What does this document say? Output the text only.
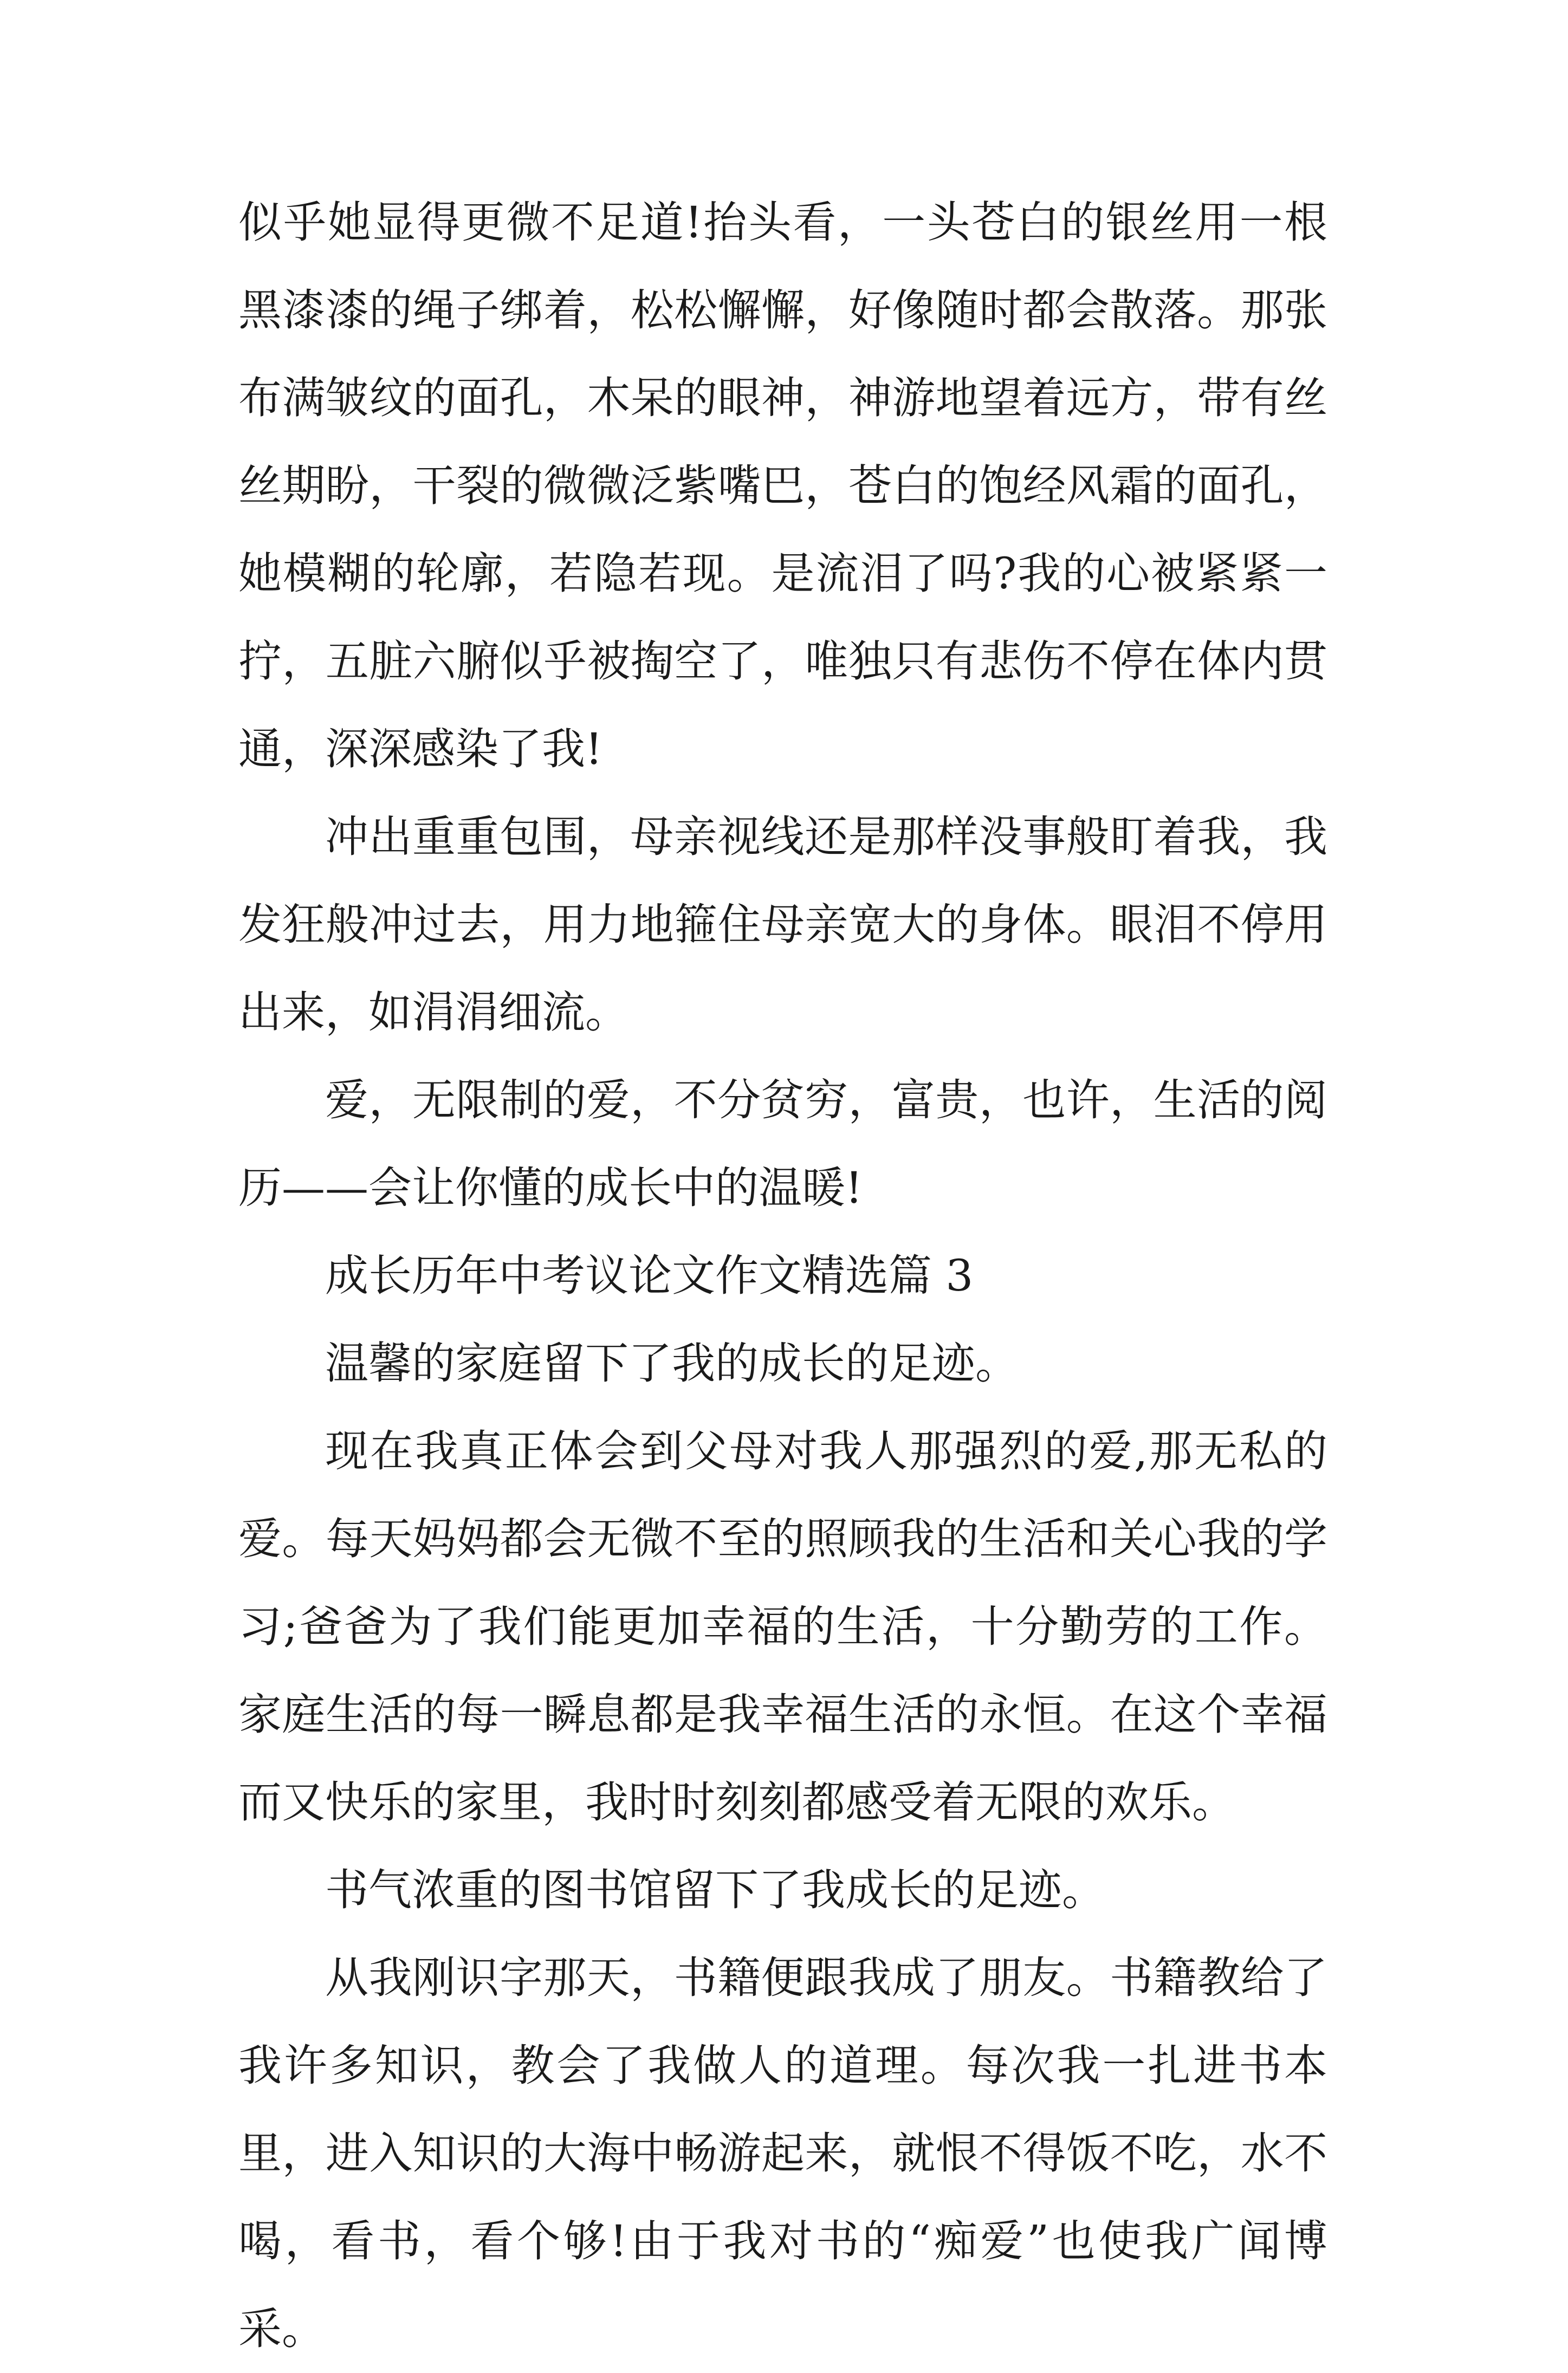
似乎她显得更微不足道!抬头看，一头苍白的银丝用一根黑漆漆的绳子绑着，松松懈懈，好像随时都会散落。那张布满皱纹的面孔，木呆的眼神，神游地望着远方，带有丝丝期盼，干裂的微微泛紫嘴巴，苍白的饱经风霜的面孔，她模糊的轮廓，若隐若现。是流泪了吗?我的心被紧紧一拧，五脏六腑似乎被掏空了，唯独只有悲伤不停在体内贯通，深深感染了我!

冲出重重包围，母亲视线还是那样没事般盯着我，我发狂般冲过去，用力地箍住母亲宽大的身体。眼泪不停用出来，如涓涓细流。

爱，无限制的爱，不分贫穷，富贵，也许，生活的阅历——会让你懂的成长中的温暖!

成长历年中考议论文作文精选篇 3

温馨的家庭留下了我的成长的足迹。

现在我真正体会到父母对我人那强烈的爱,那无私的爱。每天妈妈都会无微不至的照顾我的生活和关心我的学习;爸爸为了我们能更加幸福的生活，十分勤劳的工作。家庭生活的每一瞬息都是我幸福生活的永恒。在这个幸福而又快乐的家里，我时时刻刻都感受着无限的欢乐。

书气浓重的图书馆留下了我成长的足迹。

从我刚识字那天，书籍便跟我成了朋友。书籍教给了我许多知识，教会了我做人的道理。每次我一扎进书本里，进入知识的大海中畅游起来，就恨不得饭不吃，水不喝，看书，看个够!由于我对书的“痴爱”也使我广闻博采。
